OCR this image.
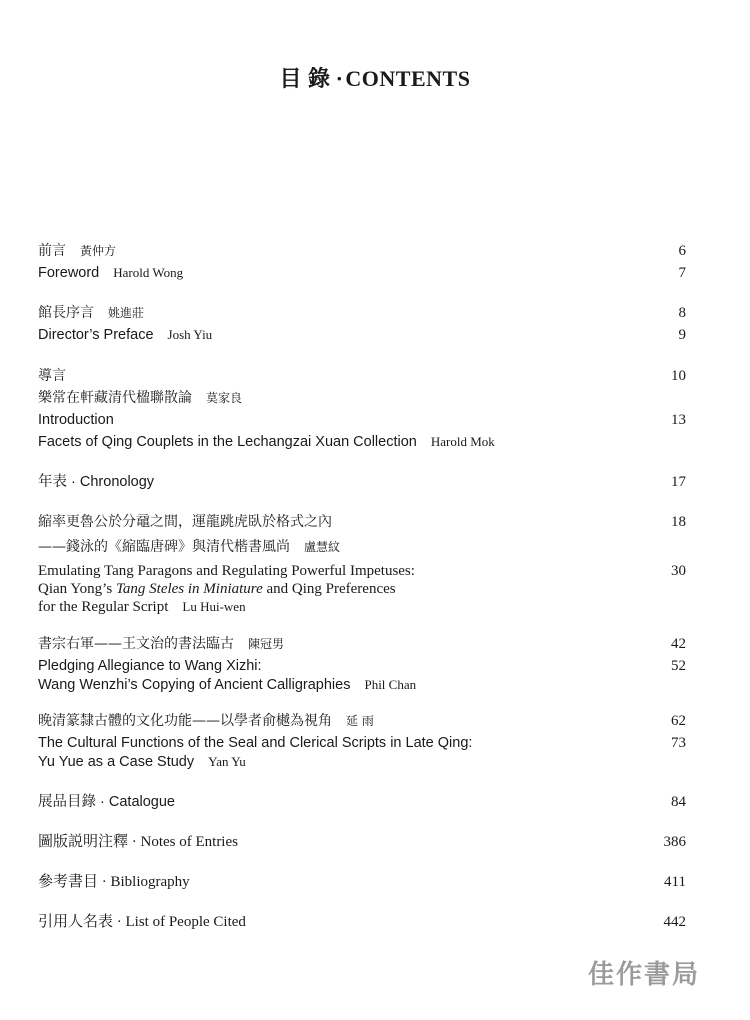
目 錄 ·CONTENTS
前言 黃仲方	6
Foreword Harold Wong	7
館長序言 姚進莊	8
Director’s Preface Josh Yiu	9
導言	10
樂常在軒藏清代楹聯散論 莫家良
Introduction	13
Facets of Qing Couplets in the Lechangzai Xuan Collection Harold Mok
年表 · Chronology	17
縮率更魯公於分黿之間，運龍跳虎臥於格式之內	18
——錢泳的《縮臨唐碑》與清代楷書風尚 盧慧紋
Emulating Tang Paragons and Regulating Powerful Impetuses:	30
Qian Yong’s Tang Steles in Miniature and Qing Preferences
for the Regular Script Lu Hui-wen
書宗右軍——王文治的書法臨古 陳冠男	42
Pledging Allegiance to Wang Xizhi:	52
Wang Wenzhi’s Copying of Ancient Calligraphies Phil Chan
晚清篆隸古體的文化功能——以學者俞樾為視角 延 雨	62
The Cultural Functions of the Seal and Clerical Scripts in Late Qing:	73
Yu Yue as a Case Study Yan Yu
展品目錄 · Catalogue	84
圖版説明注釋 · Notes of Entries	386
參考書目 · Bibliography	411
引用人名表 · List of People Cited	442
佳作書局
